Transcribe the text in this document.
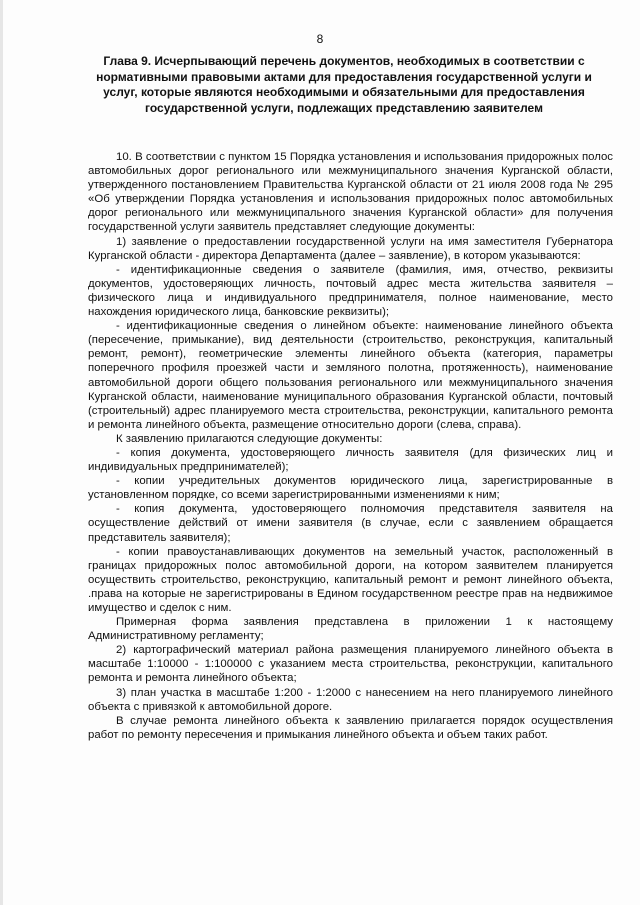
8
Глава 9. Исчерпывающий перечень документов, необходимых в соответствии с нормативными правовыми актами для предоставления государственной услуги и услуг, которые являются необходимыми и обязательными для предоставления государственной услуги, подлежащих представлению заявителем

10. В соответствии с пунктом 15 Порядка установления и использования придорожных полос автомобильных дорог регионального или межмуниципального значения Курганской области, утвержденного постановлением Правительства Курганской области от 21 июля 2008 года № 295 «Об утверждении Порядка установления и использования придорожных полос автомобильных дорог регионального или межмуниципального значения Курганской области» для получения государственной услуги заявитель представляет следующие документы:

1) заявление о предоставлении государственной услуги на имя заместителя Губернатора Курганской области - директора Департамента (далее – заявление), в котором указываются:

- идентификационные сведения о заявителе (фамилия, имя, отчество, реквизиты документов, удостоверяющих личность, почтовый адрес места жительства заявителя – физического лица и индивидуального предпринимателя, полное наименование, место нахождения юридического лица, банковские реквизиты);

- идентификационные сведения о линейном объекте: наименование линейного объекта (пересечение, примыкание), вид деятельности (строительство, реконструкция, капитальный ремонт, ремонт), геометрические элементы линейного объекта (категория, параметры поперечного профиля проезжей части и земляного полотна, протяженность), наименование автомобильной дороги общего пользования регионального или межмуниципального значения Курганской области, наименование муниципального образования Курганской области, почтовый (строительный) адрес планируемого места строительства, реконструкции, капитального ремонта и ремонта линейного объекта, размещение относительно дороги (слева, справа).

К заявлению прилагаются следующие документы:

- копия документа, удостоверяющего личность заявителя (для физических лиц и индивидуальных предпринимателей);

- копии учредительных документов юридического лица, зарегистрированные в установленном порядке, со всеми зарегистрированными изменениями к ним;

- копия документа, удостоверяющего полномочия представителя заявителя на осуществление действий от имени заявителя (в случае, если с заявлением обращается представитель заявителя);

- копии правоустанавливающих документов на земельный участок, расположенный в границах придорожных полос автомобильной дороги, на котором заявителем планируется осуществить строительство, реконструкцию, капитальный ремонт и ремонт линейного объекта, .права на которые не зарегистрированы в Едином государственном реестре прав на недвижимое имущество и сделок с ним.

Примерная форма заявления представлена в приложении 1 к настоящему Административному регламенту;

2) картографический материал района размещения планируемого линейного объекта в масштабе 1:10000 - 1:100000 с указанием места строительства, реконструкции, капитального ремонта и ремонта линейного объекта;

3) план участка в масштабе 1:200 - 1:2000 с нанесением на него планируемого линейного объекта с привязкой к автомобильной дороге.

В случае ремонта линейного объекта к заявлению прилагается порядок осуществления работ по ремонту пересечения и примыкания линейного объекта и объем таких работ.
